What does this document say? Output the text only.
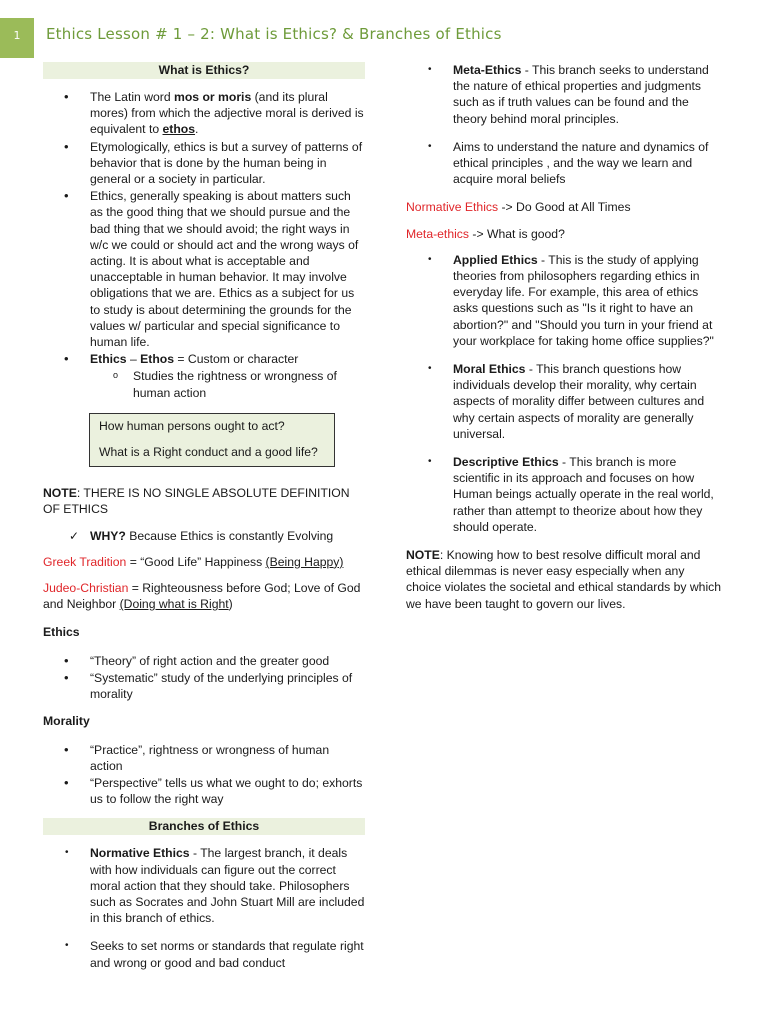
1	Ethics Lesson # 1 – 2: What is Ethics? & Branches of Ethics
What is Ethics?
• The Latin word mos or moris (and its plural mores) from which the adjective moral is derived is equivalent to ethos.
• Etymologically, ethics is but a survey of patterns of behavior that is done by the human being in general or a society in particular.
• Ethics, generally speaking is about matters such as the good thing that we should pursue and the bad thing that we should avoid; the right ways in w/c we could or should act and the wrong ways of acting. It is about what is acceptable and unacceptable in human behavior. It may involve obligations that we are. Ethics as a subject for us to study is about determining the grounds for the values w/ particular and special significance to human life.
• Ethics – Ethos = Custom or character
o Studies the rightness or wrongness of human action

How human persons ought to act?

What is a Right conduct and a good life?

NOTE: THERE IS NO SINGLE ABSOLUTE DEFINITION OF ETHICS

✓ WHY? Because Ethics is constantly Evolving

Greek Tradition = “Good Life” Happiness (Being Happy)

Judeo-Christian = Righteousness before God; Love of God and Neighbor (Doing what is Right)

Ethics

• “Theory” of right action and the greater good
• “Systematic” study of the underlying principles of morality

Morality

• “Practice”, rightness or wrongness of human action
• “Perspective” tells us what we ought to do; exhorts us to follow the right way
Branches of Ethics
• Normative Ethics - The largest branch, it deals with how individuals can figure out the correct moral action that they should take. Philosophers such as Socrates and John Stuart Mill are included in this branch of ethics.
• Seeks to set norms or standards that regulate right and wrong or good and bad conduct
• Meta-Ethics - This branch seeks to understand the nature of ethical properties and judgments such as if truth values can be found and the theory behind moral principles.
• Aims to understand the nature and dynamics of ethical principles , and the way we learn and acquire moral beliefs

Normative Ethics -> Do Good at All Times

Meta-ethics -> What is good?

• Applied Ethics - This is the study of applying theories from philosophers regarding ethics in everyday life. For example, this area of ethics asks questions such as "Is it right to have an abortion?" and "Should you turn in your friend at your workplace for taking home office supplies?"
• Moral Ethics - This branch questions how individuals develop their morality, why certain aspects of morality differ between cultures and why certain aspects of morality are generally universal.
• Descriptive Ethics - This branch is more scientific in its approach and focuses on how Human beings actually operate in the real world, rather than attempt to theorize about how they should operate.

NOTE: Knowing how to best resolve difficult moral and ethical dilemmas is never easy especially when any choice violates the societal and ethical standards by which we have been taught to govern our lives.
